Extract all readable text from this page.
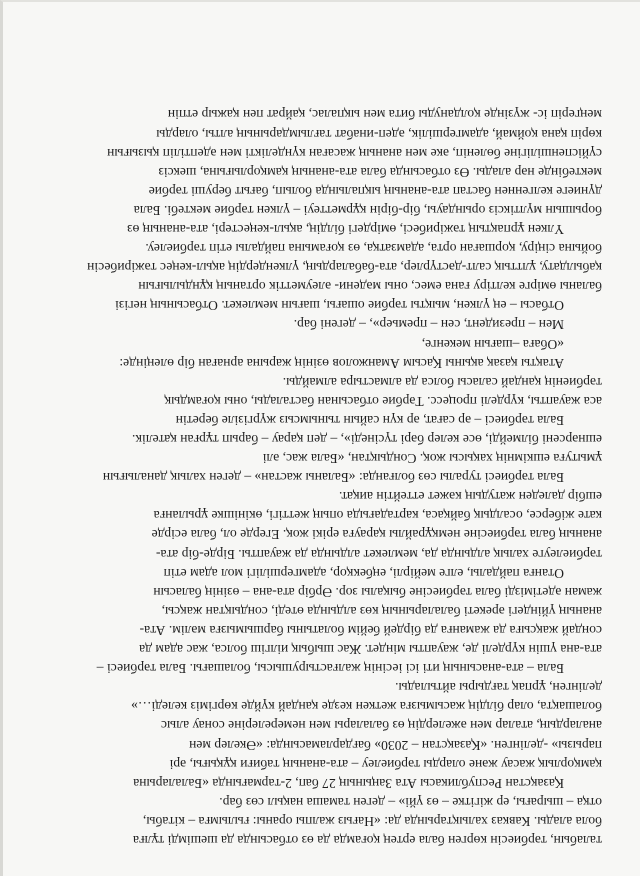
талабын, тәрбиесін көрген бала ертең қоғамда да өз отбасында да шешімді тұлға
бола алады. Кавказ халықтарында да: «Нағыз жалпы ораны: ғылымға – кітабы,
отқа – шырағы, ер жігітке – өз үйі» – деген тамаша нақыл сөз бар.
Қазақстан Республикасы Ата Заңының 27 бап, 2-тармағында «Балаларына
қамқорлық жасау және оларды тәрбиелеу – ата-ананың табиғи құқығы, әрі
парызы» -делінген. «Қазақстан – 2030» бағдарламасында: «Әкелер мен
аналардың, аталар мен әжелердің өз балалары мен немерелеріне сонау алыс
болашақта, олар білдің жасымызға жеткен кезде қандай күйде көргіміз келеді…»
делінген, ұрпақ тағдыры айтылады.
Бала – ата-анасының иті ісі іесінің жалғастырушысы, болашағы. Бала тәрбиесі –
ата-ана үшін күрделі де, жауапты міндет. Жас шыбық иілгіш болса, жас адам да
сондай жақсыға да жаманға да бірдей бейім болатыны баршымызға мәлім. Ата-
ананың үйіндегі әрекеті балаларының көз алдында өтеді, сондықтан жақсы,
жаман әдетімізді бала тәрбиесіне бықалы зор. Әрбір ата-ана – өзінің баласын
Отанға пайдалы, елге мейірлі, еңбекқор, адамгершілігі мол адам етіп
тәрбиелеуге халық алдында да, мемлекет алдында да жауапты. Бірде-бір ата-
ананың бала тәрбиесіне немқұрайлы қарауға ерікі жоқ. Егерде ол, бала есірде
кате жіберсе, осалдық байқаса, картадағыда опың жеттігі, өкінішке ұрыланға
ешбір даледен жатудың кәжет еттейтін аиқат.
Бала тәрбиесі туралы сөз болғанда: «Баланы жастан» – деген халық даналығын
ұмытуға ешкімнің хақысы жоқ. Сондықтан, «Бала жас, әлі
ешнәрсені білмейді, өсе келер бәрі түсінеді», – деп қарау – барып тұрған қателік.
Бала тәрбиесі – әр сағат, әр күн сайын тынымсыз жүргізіле беретін
аса жауапты, күрделі процесс. Тәрбие отбасынан басталады, оны қоғамдық
тәрбиенің қандай саласы болса да алмастыра алмайды.
Атақты қазақ ақыны Қасым Аманжолов өзінің жарына арнаған бір өлеңінде:
«Обаға –шағын мекенге,
Мен – президент, сен – премьер», – дегені бар.
Отбасы – ең үлкен, мықты тәрбие ошағы, шағын мемлекет. Отбасының негізі
баланы өмірге келтіру ғана емес, оны мәдени- әлеуметтік ортаның құндылығын
қабылдату, ұлттық салт-дәстүрлер, ата-бабалардың, үлкендердің ақыл-кеңес тәжірибесін
бойына сіңіру, қоршаған орта, адамзатқа, өз қоғамына пайдалы етіп тәрбиелеу.
Үлкен ұрпақтың тәжірибесі, өмірдегі білдің, ақыл-кеңестері, ата-ананың өз
борышын мүлтіксіз орындауы, бір-бірін құрметтеуі – үлкен тәрбие мектебі. Бала
дүниеге келгеннен бастап ата-ананың ықпалында болып, бағыт берушi тәрбие
мектебінде нәр алады. Өз отбасында бала ата-ананың қамқорлығына, шексіз
сүйіспеншілігіне бөленіп, әке мен ананың жасаған күнделікті мен әдептіліп қызығын
көріп қана қоймай, адамгершілік, әдеп-инабат тағлымдарының алты, оларды
меңгеріп іс- жүзінде қолдануды бита мен ықпалас, қайрат пен қажыр етпін
